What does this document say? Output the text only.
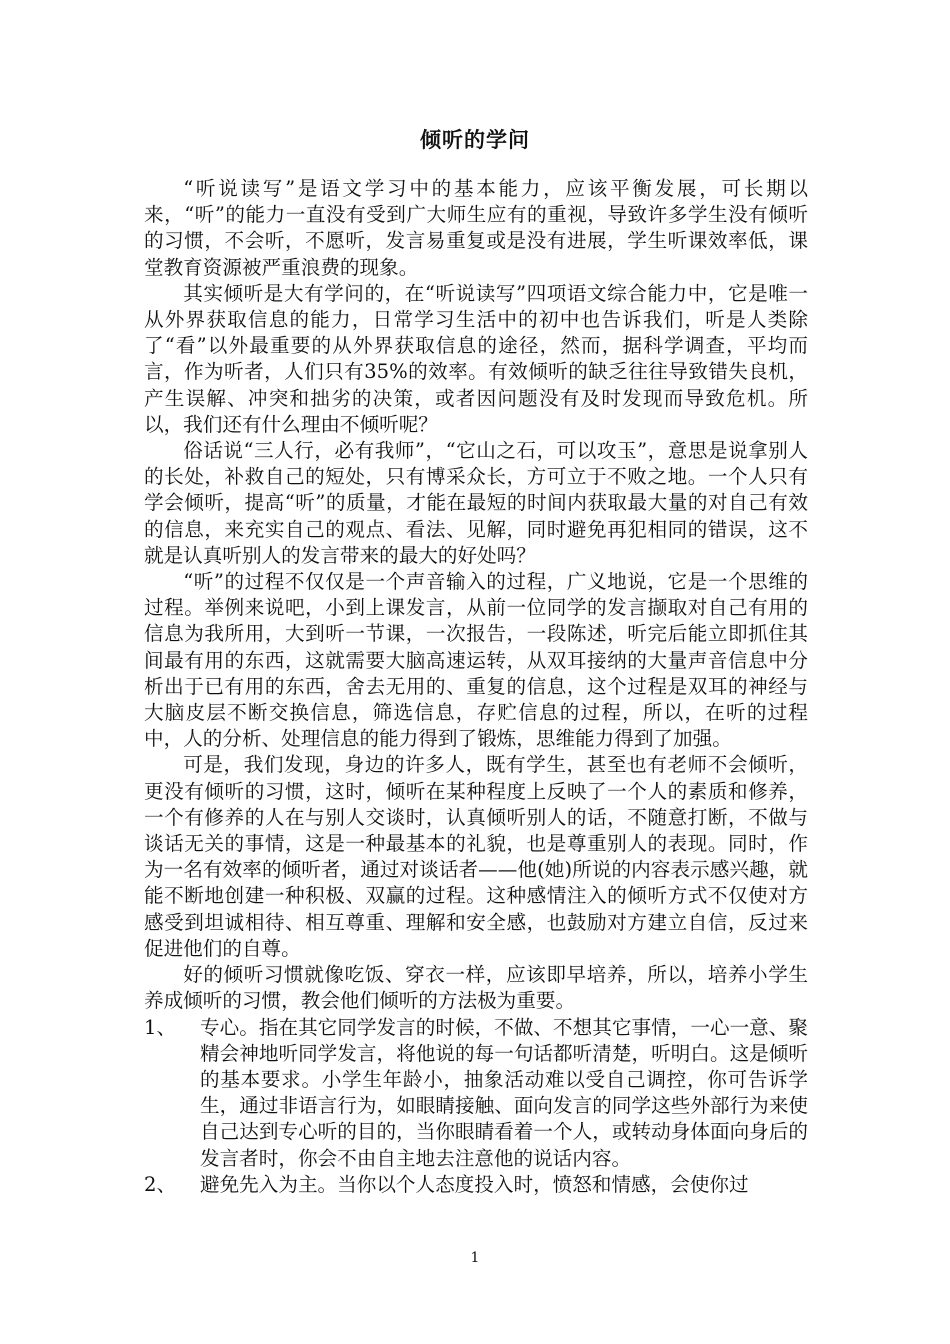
倾听的学问

“听说读写”是语文学习中的基本能力，应该平衡发展，可长期以来，“听”的能力一直没有受到广大师生应有的重视，导致许多学生没有倾听的习惯，不会听，不愿听，发言易重复或是没有进展，学生听课效率低，课堂教育资源被严重浪费的现象。

其实倾听是大有学问的，在“听说读写”四项语文综合能力中，它是唯一从外界获取信息的能力，日常学习生活中的初中也告诉我们，听是人类除了“看”以外最重要的从外界获取信息的途径，然而，据科学调查，平均而言，作为听者，人们只有35%的效率。有效倾听的缺乏往往导致错失良机，产生误解、冲突和拙劣的决策，或者因问题没有及时发现而导致危机。所以，我们还有什么理由不倾听呢？

俗话说“三人行，必有我师”，“它山之石，可以攻玉”，意思是说拿别人的长处，补救自己的短处，只有博采众长，方可立于不败之地。一个人只有学会倾听，提高“听”的质量，才能在最短的时间内获取最大量的对自己有效的信息，来充实自己的观点、看法、见解，同时避免再犯相同的错误，这不就是认真听别人的发言带来的最大的好处吗？

“听”的过程不仅仅是一个声音输入的过程，广义地说，它是一个思维的过程。举例来说吧，小到上课发言，从前一位同学的发言撷取对自己有用的信息为我所用，大到听一节课，一次报告，一段陈述，听完后能立即抓住其间最有用的东西，这就需要大脑高速运转，从双耳接纳的大量声音信息中分析出于已有用的东西，舍去无用的、重复的信息，这个过程是双耳的神经与大脑皮层不断交换信息，筛选信息，存贮信息的过程，所以，在听的过程中，人的分析、处理信息的能力得到了锻炼，思维能力得到了加强。

可是，我们发现，身边的许多人，既有学生，甚至也有老师不会倾听，更没有倾听的习惯，这时，倾听在某种程度上反映了一个人的素质和修养，一个有修养的人在与别人交谈时，认真倾听别人的话，不随意打断，不做与谈话无关的事情，这是一种最基本的礼貌，也是尊重别人的表现。同时，作为一名有效率的倾听者，通过对谈话者——他(她)所说的内容表示感兴趣，就能不断地创建一种积极、双赢的过程。这种感情注入的倾听方式不仅使对方感受到坦诚相待、相互尊重、理解和安全感，也鼓励对方建立自信，反过来促进他们的自尊。

好的倾听习惯就像吃饭、穿衣一样，应该即早培养，所以，培养小学生养成倾听的习惯，教会他们倾听的方法极为重要。

1、 专心。指在其它同学发言的时候，不做、不想其它事情，一心一意、聚精会神地听同学发言，将他说的每一句话都听清楚，听明白。这是倾听的基本要求。小学生年龄小，抽象活动难以受自己调控，你可告诉学生，通过非语言行为，如眼睛接触、面向发言的同学这些外部行为来使自己达到专心听的目的，当你眼睛看着一个人，或转动身体面向身后的发言者时，你会不由自主地去注意他的说话内容。
2、 避免先入为主。当你以个人态度投入时，愤怒和情感，会使你过
1
